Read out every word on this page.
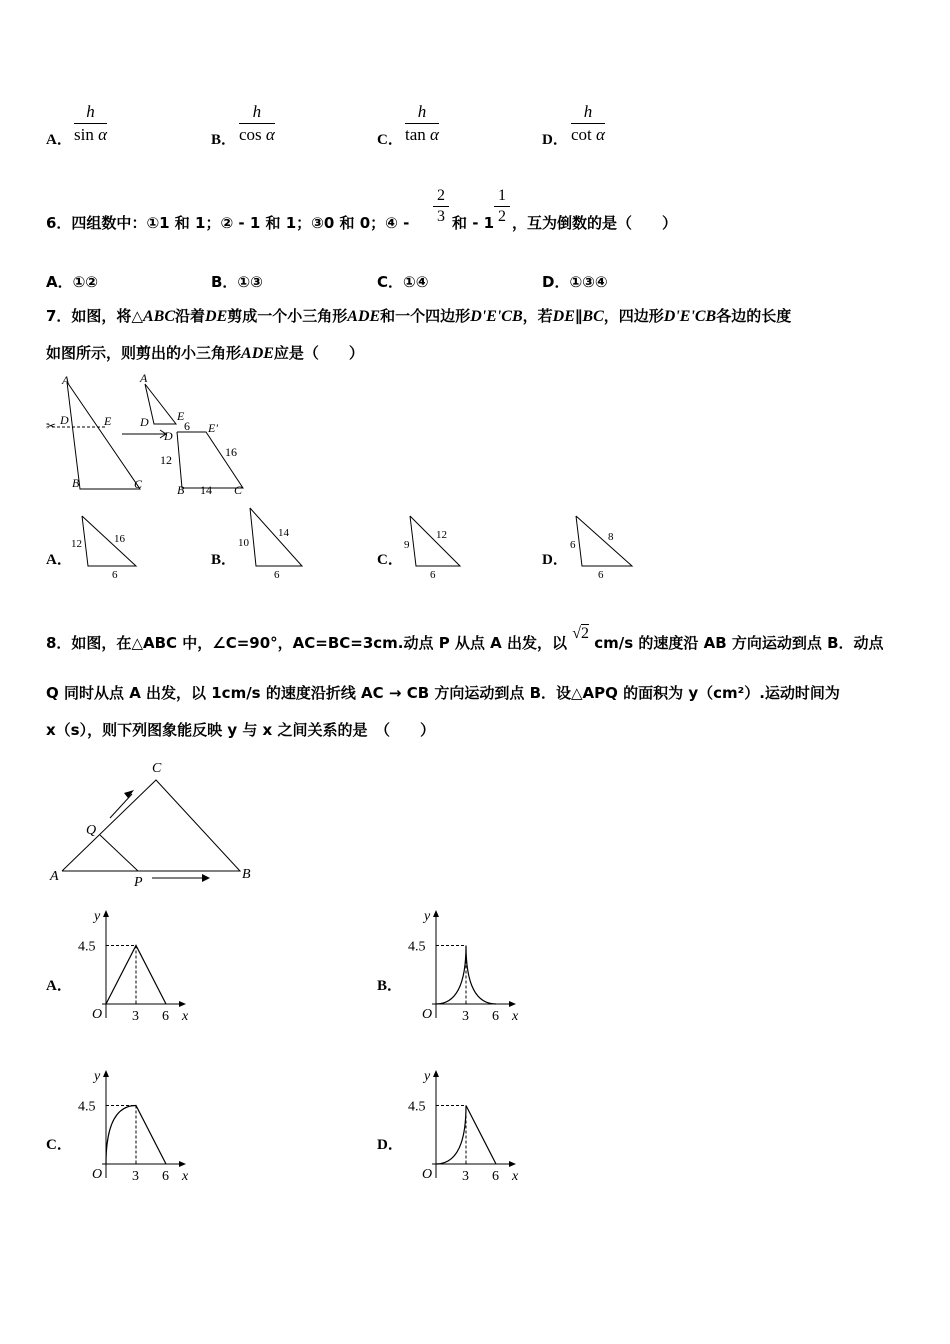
A． $\frac{h}{\text{sin α}}$	B． $\frac{h}{\text{cos α}}$	C． $\frac{h}{\text{tan α}}$	D． $\frac{h}{\text{cot α}}$
6．四组数中：①1 和 1；② - 1 和 1；③0 和 0；④ -
2
3 和 - 1
1
2 ，互为倒数的是（　　）
A．①②	B．①③	C．①④	D．①③④
7．如图，将△ABC沿着DE剪成一个小三角形ADE和一个四边形D'E'CB，若DE∥BC，四边形D'E'CB各边的长度
如图所示，则剪出的小三角形ADE应是（　　）
✂
A
D	E
B	C
A
D E
D
E'
B	C
6
12
16
14
A．
12	16
6
B．
10
14
6
C．
9
12
6
D．
6
8
6
8．如图，在△ABC 中，∠C=90°，AC=BC=3cm.动点 P 从点 A 出发，以 √2 cm/s 的速度沿 AB 方向运动到点 B．动点
Q 同时从点 A 出发，以 1cm/s 的速度沿折线 AC → CB 方向运动到点 B．设△APQ 的面积为 y（cm²）.运动时间为
x（s），则下列图象能反映 y 与 x 之间关系的是　（　　）
C
Q
A	P
B
A．
y
4.5
O 3 6 x
B．
y
4.5
O 3 6 x
C．
y
4.5
O 3 6 x
D．
y
4.5
O 3 6 x
